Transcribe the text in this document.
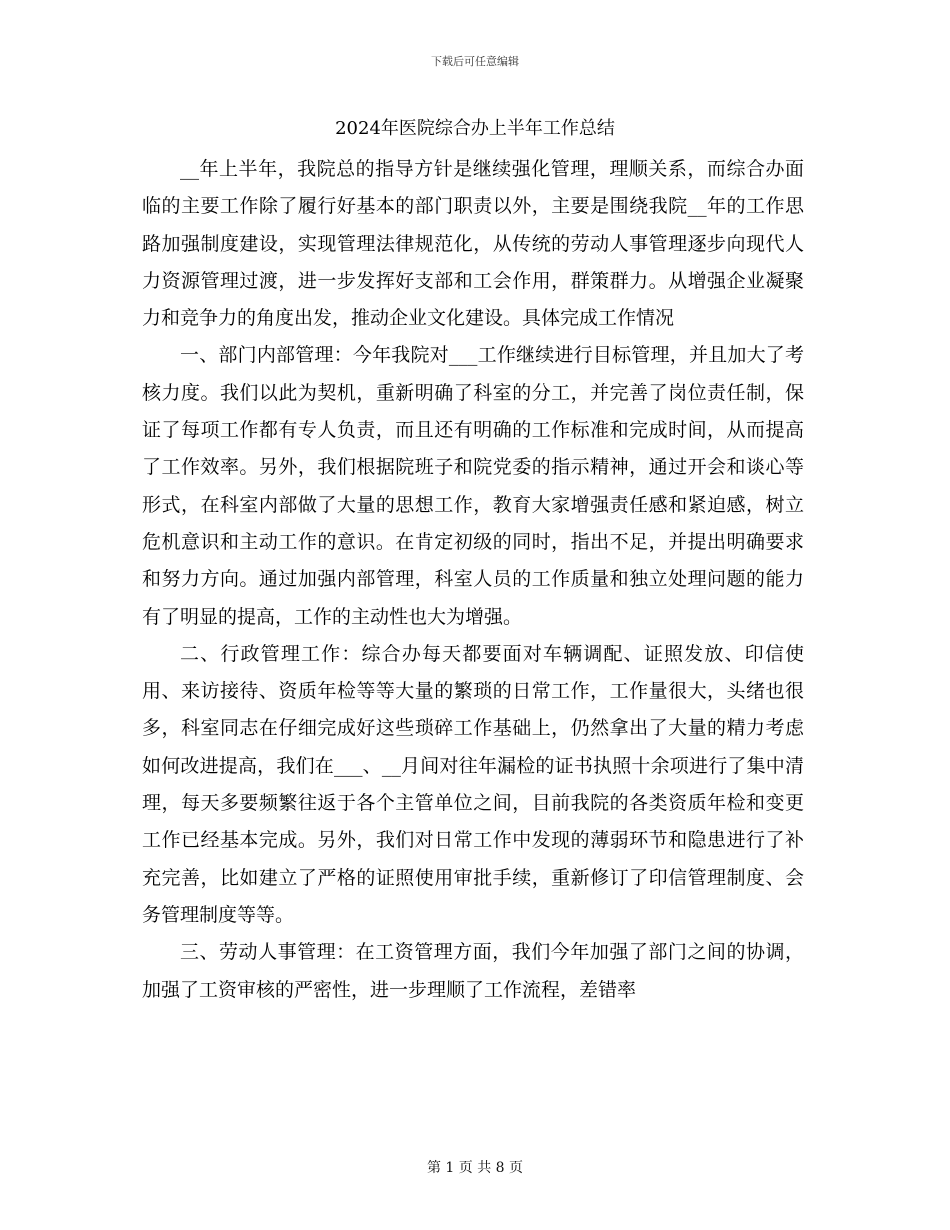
下载后可任意编辑
2024年医院综合办上半年工作总结

__年上半年，我院总的指导方针是继续强化管理，理顺关系，而综合办面临的主要工作除了履行好基本的部门职责以外，主要是围绕我院__年的工作思路加强制度建设，实现管理法律规范化，从传统的劳动人事管理逐步向现代人力资源管理过渡，进一步发挥好支部和工会作用，群策群力。从增强企业凝聚力和竞争力的角度出发，推动企业文化建设。具体完成工作情况

一、部门内部管理：今年我院对___工作继续进行目标管理，并且加大了考核力度。我们以此为契机，重新明确了科室的分工，并完善了岗位责任制，保证了每项工作都有专人负责，而且还有明确的工作标准和完成时间，从而提高了工作效率。另外，我们根据院班子和院党委的指示精神，通过开会和谈心等形式，在科室内部做了大量的思想工作，教育大家增强责任感和紧迫感，树立危机意识和主动工作的意识。在肯定初级的同时，指出不足，并提出明确要求和努力方向。通过加强内部管理，科室人员的工作质量和独立处理问题的能力有了明显的提高，工作的主动性也大为增强。

二、行政管理工作：综合办每天都要面对车辆调配、证照发放、印信使用、来访接待、资质年检等等大量的繁琐的日常工作，工作量很大，头绪也很多，科室同志在仔细完成好这些琐碎工作基础上，仍然拿出了大量的精力考虑如何改进提高，我们在___、__月间对往年漏检的证书执照十余项进行了集中清理，每天多要频繁往返于各个主管单位之间，目前我院的各类资质年检和变更工作已经基本完成。另外，我们对日常工作中发现的薄弱环节和隐患进行了补充完善，比如建立了严格的证照使用审批手续，重新修订了印信管理制度、会务管理制度等等。

三、劳动人事管理：在工资管理方面，我们今年加强了部门之间的协调，加强了工资审核的严密性，进一步理顺了工作流程，差错率

第 1 页 共 8 页
